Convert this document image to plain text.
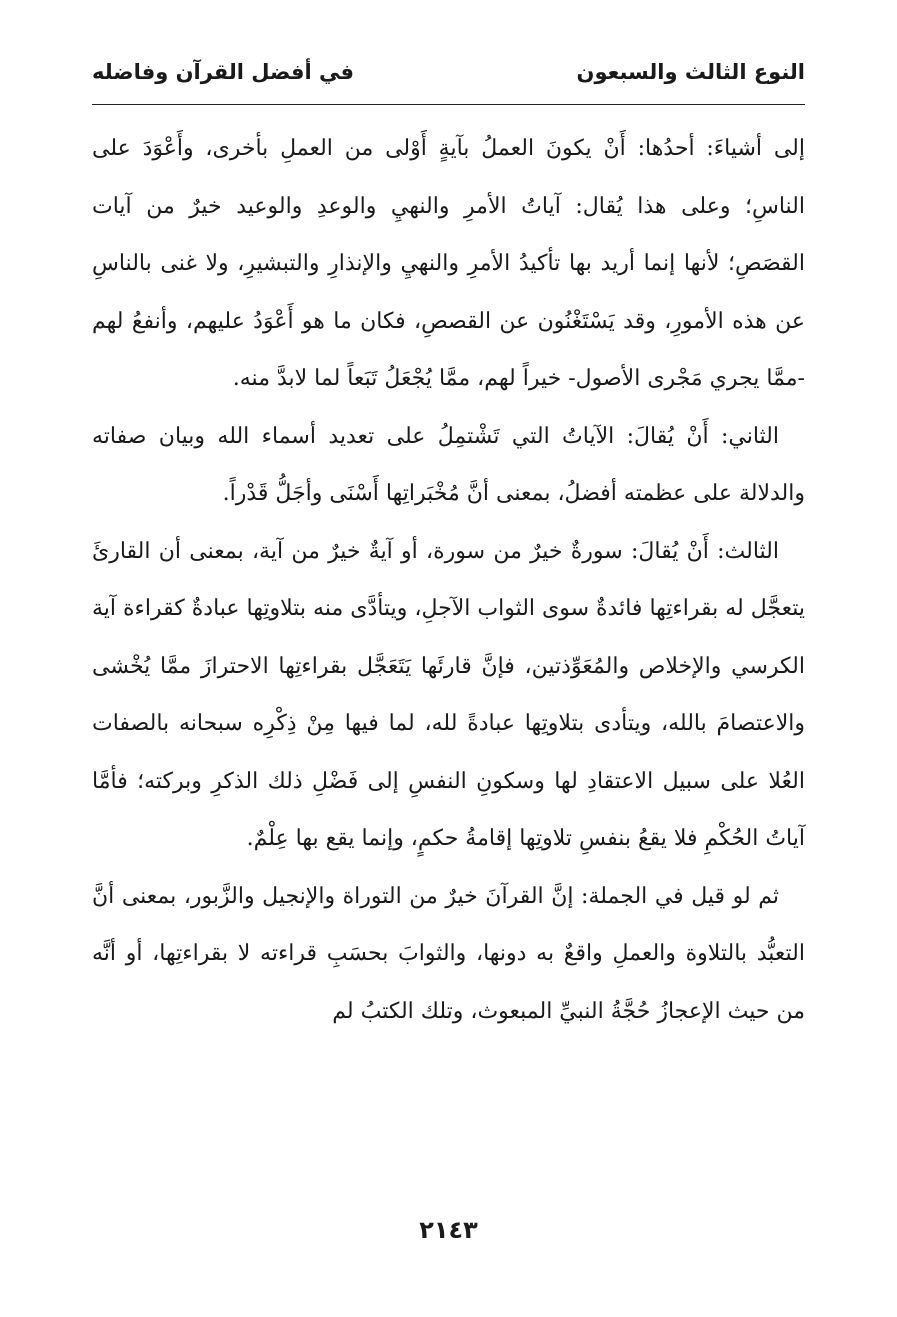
النوع الثالث والسبعون
في أفضل القرآن وفاضله

إلى أشياءَ: أحدُها: أَنْ يكونَ العملُ بآيةٍ أَوْلى من العملِ بأخرى، وأَعْوَدَ على الناسِ؛ وعلى هذا يُقال: آياتُ الأمرِ والنهيِ والوعدِ والوعيد خيرٌ من آيات القصَصِ؛ لأنها إنما أريد بها تأكيدُ الأمرِ والنهيِ والإنذارِ والتبشيرِ، ولا غنى بالناسِ عن هذه الأمورِ، وقد يَسْتَغْنُون عن القصصِ، فكان ما هو أَعْوَدُ عليهم، وأنفعُ لهم -ممَّا يجري مَجْرى الأصول- خيراً لهم، ممَّا يُجْعَلُ تَبَعاً لما لابدَّ منه.

الثاني: أَنْ يُقالَ: الآياتُ التي تَشْتمِلُ على تعديد أسماء الله وبيان صفاته والدلالة على عظمته أفضلُ، بمعنى أنَّ مُخْبَراتِها أَسْنَى وأجَلُّ قَدْراً.

الثالث: أَنْ يُقالَ: سورةٌ خيرٌ من سورة، أو آيةٌ خيرٌ من آية، بمعنى أن القارئَ يتعجَّل له بقراءتِها فائدةٌ سوى الثواب الآجلِ، ويتأدَّى منه بتلاوتِها عبادةٌ كقراءة آية الكرسي والإخلاص والمُعَوِّذتين، فإنَّ قارئَها يَتَعَجَّل بقراءتِها الاحترازَ ممَّا يُخْشى والاعتصامَ بالله، ويتأدى بتلاوتِها عبادةً لله، لما فيها مِنْ ذِكْرِه سبحانه بالصفات العُلا على سبيل الاعتقادِ لها وسكونِ النفسِ إلى فَضْلِ ذلك الذكرِ وبركته؛ فأمَّا آياتُ الحُكْمِ فلا يقعُ بنفسِ تلاوتِها إقامةُ حكمٍ، وإنما يقع بها عِلْمٌ.

ثم لو قيل في الجملة: إنَّ القرآنَ خيرٌ من التوراة والإنجيل والزَّبور، بمعنى أنَّ التعبُّد بالتلاوة والعملِ واقعٌ به دونها، والثوابَ بحسَبِ قراءته لا بقراءتِها، أو أنَّه من حيث الإعجازُ حُجَّةُ النبيِّ المبعوث، وتلك الكتبُ لم

٢١٤٣
